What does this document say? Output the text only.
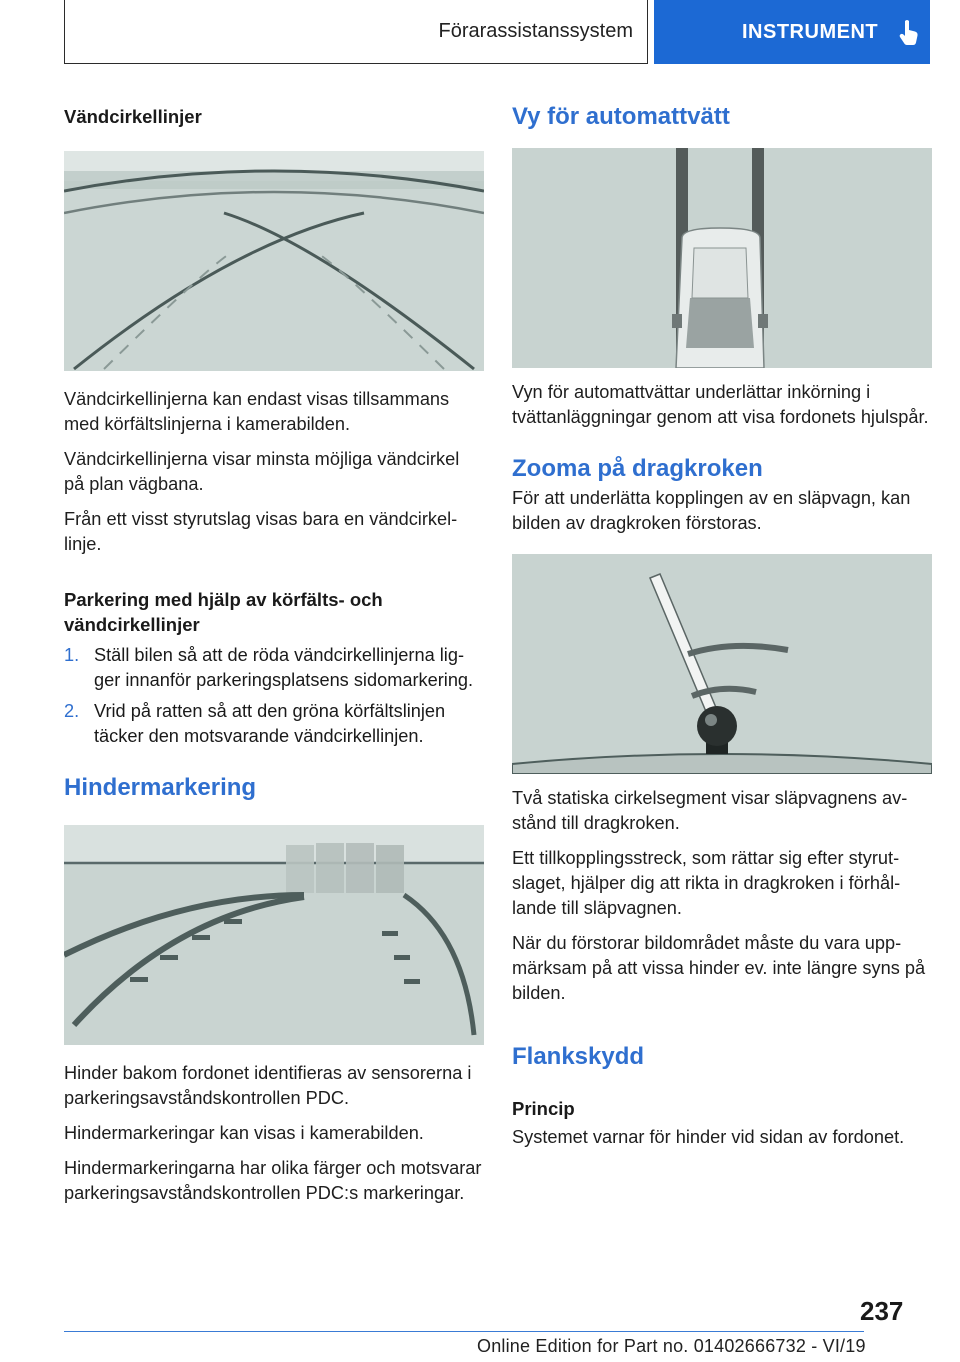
Förarassistanssystem	INSTRUMENT
Vändcirkellinjer

Vändcirkellinjerna kan endast visas tillsammans med körfältslinjerna i kamerabilden.

Vändcirkellinjerna visar minsta möjliga vändcirkel på plan vägbana.

Från ett visst styrutslag visas bara en vändcirkellinje.

Parkering med hjälp av körfälts- och vändcirkellinjer
1. Ställ bilen så att de röda vändcirkellinjerna ligger innanför parkeringsplatsens sidomarkering.
2. Vrid på ratten så att den gröna körfältslinjen täcker den motsvarande vändcirkellinjen.
Hindermarkering

Hinder bakom fordonet identifieras av sensorerna i parkeringsavståndskontrollen PDC.

Hindermarkeringar kan visas i kamerabilden.

Hindermarkeringarna har olika färger och motsvarar parkeringsavståndskontrollen PDC:s markeringar.

Vy för automattvätt

Vyn för automattvättar underlättar inkörning i tvättanläggningar genom att visa fordonets hjulspår.

Zooma på dragkroken

För att underlätta kopplingen av en släpvagn, kan bilden av dragkroken förstoras.

Två statiska cirkelsegment visar släpvagnens avstånd till dragkroken.

Ett tillkopplingsstreck, som rättar sig efter styrutslaget, hjälper dig att rikta in dragkroken i förhållande till släpvagnen.

När du förstorar bildområdet måste du vara uppmärksam på att vissa hinder ev. inte längre syns på bilden.

Flankskydd
Princip

Systemet varnar för hinder vid sidan av fordonet.

237
Online Edition for Part no. 01402666732 - VI/19
